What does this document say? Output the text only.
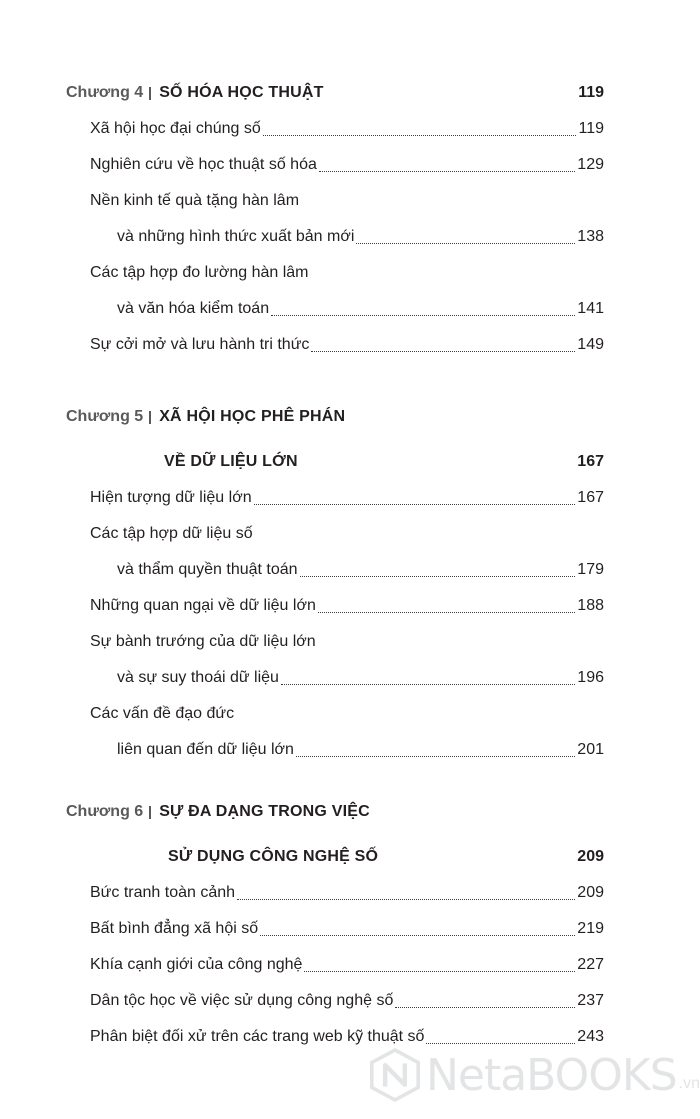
Chương 4 SỐ HÓA HỌC THUẬT	119
Xã hội học đại chúng số	119
Nghiên cứu về học thuật số hóa	129
Nền kinh tế quà tặng hàn lâm
và những hình thức xuất bản mới	138
Các tập hợp đo lường hàn lâm
và văn hóa kiểm toán	141
Sự cởi mở và lưu hành tri thức	149
Chương 5 XÃ HỘI HỌC PHÊ PHÁN
VỀ DỮ LIỆU LỚN	167
Hiện tượng dữ liệu lớn	167
Các tập hợp dữ liệu số
và thẩm quyền thuật toán	179
Những quan ngại về dữ liệu lớn	188
Sự bành trướng của dữ liệu lớn
và sự suy thoái dữ liệu	196
Các vấn đề đạo đức
liên quan đến dữ liệu lớn	201
Chương 6 SỰ ĐA DẠNG TRONG VIỆC
SỬ DỤNG CÔNG NGHỆ SỐ	209
Bức tranh toàn cảnh	209
Bất bình đẳng xã hội số	219
Khía cạnh giới của công nghệ	227
Dân tộc học về việc sử dụng công nghệ số	237
Phân biệt đối xử trên các trang web kỹ thuật số	243
NetaBOOKS .vn
